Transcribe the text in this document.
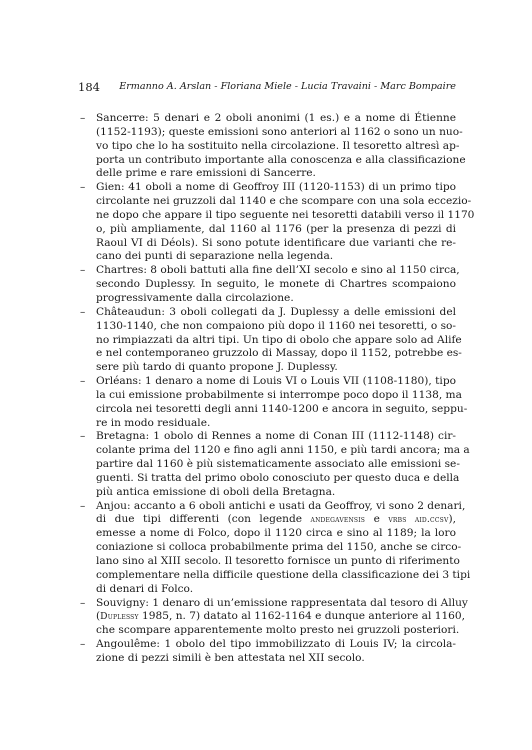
184 Ermanno A. Arslan - Floriana Miele - Lucia Travaini - Marc Bompaire
– Sancerre: 5 denari e 2 oboli anonimi (1 es.) e a nome di Étienne
(1152-1193); queste emissioni sono anteriori al 1162 o sono un nuo-
vo tipo che lo ha sostituito nella circolazione. Il tesoretto altresì ap-
porta un contributo importante alla conoscenza e alla classificazione
delle prime e rare emissioni di Sancerre.
– Gien: 41 oboli a nome di Geoffroy III (1120-1153) di un primo tipo
circolante nei gruzzoli dal 1140 e che scompare con una sola eccezio-
ne dopo che appare il tipo seguente nei tesoretti databili verso il 1170
o, più ampliamente, dal 1160 al 1176 (per la presenza di pezzi di
Raoul VI di Déols). Si sono potute identificare due varianti che re-
cano dei punti di separazione nella legenda.
– Chartres: 8 oboli battuti alla fine dell’XI secolo e sino al 1150 circa,
secondo Duplessy. In seguito, le monete di Chartres scompaiono
progressivamente dalla circolazione.
– Châteaudun: 3 oboli collegati da J. Duplessy a delle emissioni del
1130-1140, che non compaiono più dopo il 1160 nei tesoretti, o so-
no rimpiazzati da altri tipi. Un tipo di obolo che appare solo ad Alife
e nel contemporaneo gruzzolo di Massay, dopo il 1152, potrebbe es-
sere più tardo di quanto propone J. Duplessy.
– Orléans: 1 denaro a nome di Louis VI o Louis VII (1108-1180), tipo
la cui emissione probabilmente si interrompe poco dopo il 1138, ma
circola nei tesoretti degli anni 1140-1200 e ancora in seguito, seppu-
re in modo residuale.
– Bretagna: 1 obolo di Rennes a nome di Conan III (1112-1148) cir-
colante prima del 1120 e fino agli anni 1150, e più tardi ancora; ma a
partire dal 1160 è più sistematicamente associato alle emissioni se-
guenti. Si tratta del primo obolo conosciuto per questo duca e della
più antica emissione di oboli della Bretagna.
– Anjou: accanto a 6 oboli antichi e usati da Geoffroy, vi sono 2 denari,
di due tipi differenti (con legende andegavensis e vrbs aid.ccsv),
emesse a nome di Folco, dopo il 1120 circa e sino al 1189; la loro
coniazione si colloca probabilmente prima del 1150, anche se circo-
lano sino al XIII secolo. Il tesoretto fornisce un punto di riferimento
complementare nella difficile questione della classificazione dei 3 tipi
di denari di Folco.
– Souvigny: 1 denaro di un’emissione rappresentata dal tesoro di Alluy
(Duplessy 1985, n. 7) datato al 1162-1164 e dunque anteriore al 1160,
che scompare apparentemente molto presto nei gruzzoli posteriori.
– Angoulême: 1 obolo del tipo immobilizzato di Louis IV; la circola-
zione di pezzi simili è ben attestata nel XII secolo.
